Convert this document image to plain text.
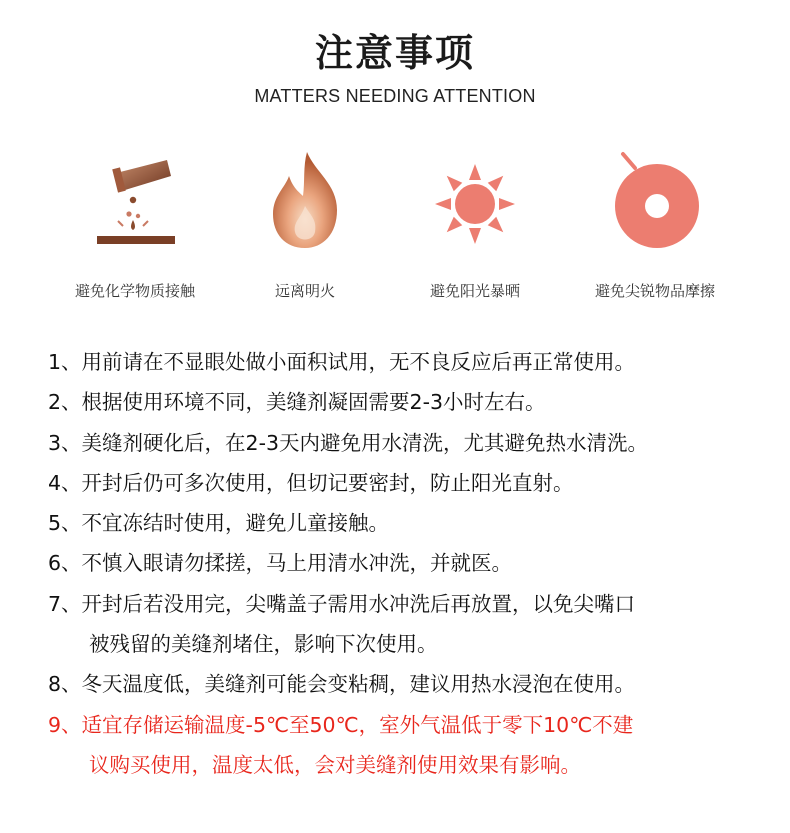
注意事项
MATTERS NEEDING ATTENTION
避免化学物质接触	远离明火	避免阳光暴晒	避免尖锐物品摩擦
1、用前请在不显眼处做小面积试用，无不良反应后再正常使用。
2、根据使用环境不同，美缝剂凝固需要2-3小时左右。
3、美缝剂硬化后，在2-3天内避免用水清洗，尤其避免热水清洗。
4、开封后仍可多次使用，但切记要密封，防止阳光直射。
5、不宜冻结时使用，避免儿童接触。
6、不慎入眼请勿揉搓，马上用清水冲洗，并就医。
7、开封后若没用完，尖嘴盖子需用水冲洗后再放置，以免尖嘴口
被残留的美缝剂堵住，影响下次使用。
8、冬天温度低，美缝剂可能会变粘稠，建议用热水浸泡在使用。
9、适宜存储运输温度-5℃至50℃，室外气温低于零下10℃不建
议购买使用，温度太低，会对美缝剂使用效果有影响。
